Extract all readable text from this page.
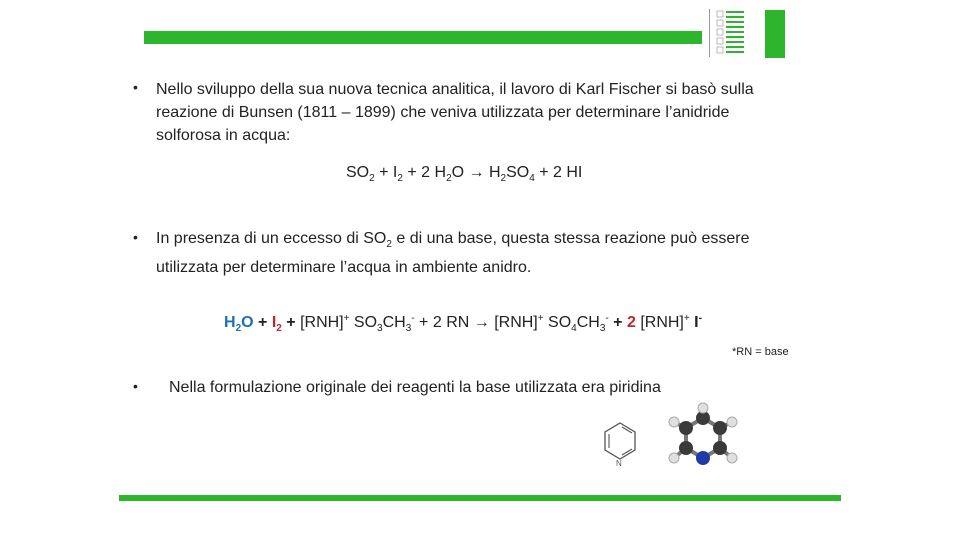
• Nello sviluppo della sua nuova tecnica analitica, il lavoro di Karl Fischer si basò sulla reazione di Bunsen (1811 – 1899) che veniva utilizzata per determinare l’anidride solforosa in acqua:
$SO_2 + I_2 + 2$ $H_2O \to H_2SO_4 + 2$ HI
• In presenza di un eccesso di $SO_2$ e di una base, questa stessa reazione può essere utilizzata per determinare l’acqua in ambiente anidro.
$H_2O + I_2 + [RNH]^+$ $SO_3CH_3^- + 2$ RN → [RNH]+ $SO_4CH_3^- + 2$ [RNH]+ I-
*RN = base
• Nella formulazione originale dei reagenti la base utilizzata era piridina
N
